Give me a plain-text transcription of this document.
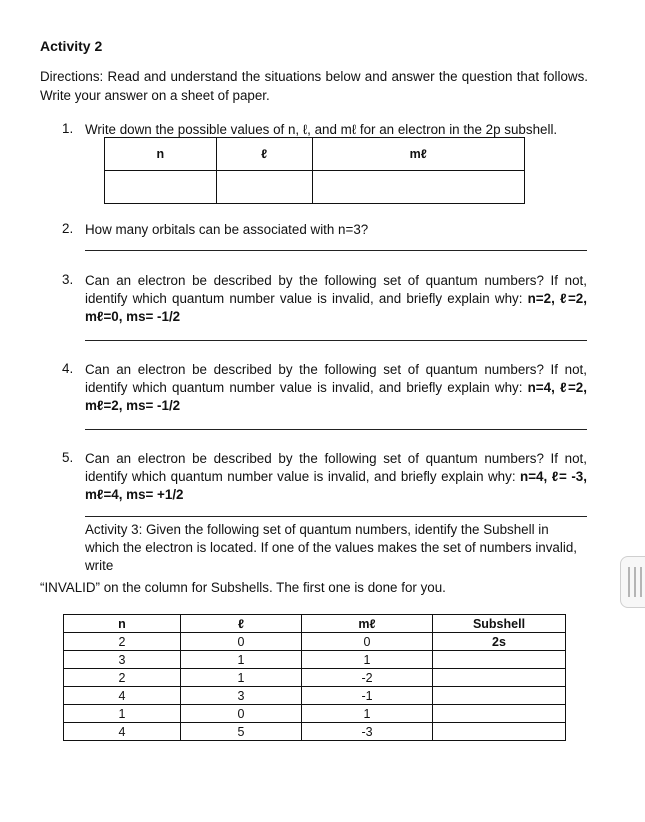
Activity 2
Directions: Read and understand the situations below and answer the question that follows. Write your answer on a sheet of paper.
1. Write down the possible values of n, ℓ, and mℓ for an electron in the 2p subshell.
n	ℓ	mℓ

2. How many orbitals can be associated with n=3?
3. Can an electron be described by the following set of quantum numbers? If not, identify which quantum number value is invalid, and briefly explain why: n=2, ℓ=2, mℓ=0, ms= -1/2
4. Can an electron be described by the following set of quantum numbers? If not, identify which quantum number value is invalid, and briefly explain why: n=4, ℓ=2, mℓ=2, ms= -1/2
5. Can an electron be described by the following set of quantum numbers? If not, identify which quantum number value is invalid, and briefly explain why: n=4, ℓ= -3, mℓ=4, ms= +1/2
Activity 3: Given the following set of quantum numbers, identify the Subshell in which the electron is located. If one of the values makes the set of numbers invalid, write
“INVALID” on the column for Subshells. The first one is done for you.
n	ℓ	mℓ	Subshell
2	0	0	2s
3	1	1	
2	1	-2	
4	3	-1	
1	0	1	
4	5	-3	
